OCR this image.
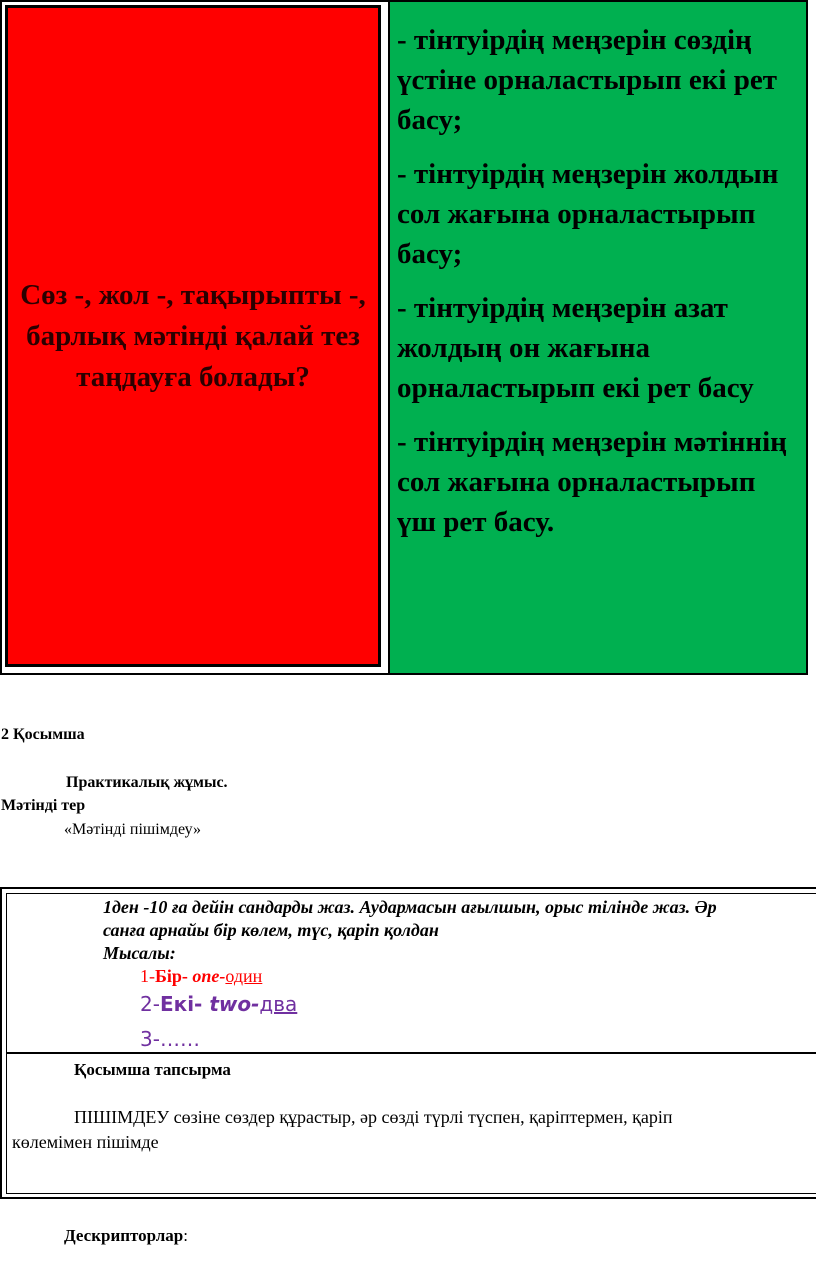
Сөз -, жол -, тақырыпты -, барлық мәтінді қалай тез таңдауға болады?
- тінтуірдің меңзерін сөздің үстіне орналастырып екі рет басу;
- тінтуірдің меңзерін жолдын сол жағына орналастырып басу;
- тінтуірдің меңзерін азат жолдың он жағына орналастырып екі рет басу
- тінтуірдің меңзерін мәтіннің сол жағына орналастырып үш рет басу.
2 Қосымша
Практикалық жұмыс.
Мәтінді тер
«Мәтінді пішімдеу»
1ден -10 ға дейін сандарды жаз. Аудармасын ағылшын, орыс тілінде жаз. Әр
санға арнайы бір көлем, түс, қаріп қолдан
Мысалы:
1-Бір- one-один
2-Екі- two-два
3-……
Қосымша тапсырма
ПІШІМДЕУ сөзіне сөздер құрастыр, әр сөзді түрлі түспен, қаріптермен, қаріп
көлемімен пішімде
Дескрипторлар:
